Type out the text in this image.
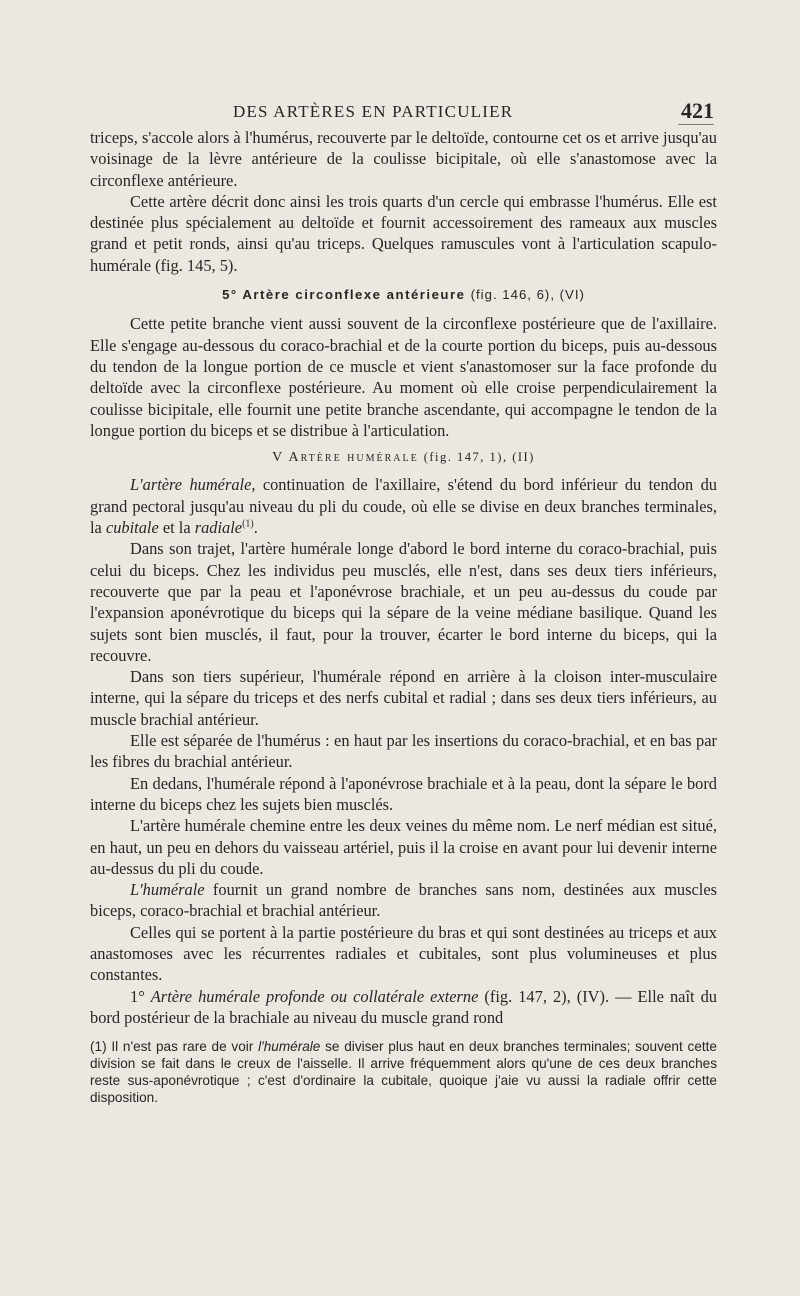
DES ARTÈRES EN PARTICULIER	421

triceps, s'accole alors à l'humérus, recouverte par le deltoïde, contourne cet os et arrive jusqu'au voisinage de la lèvre antérieure de la coulisse bicipitale, où elle s'anastomose avec la circonflexe antérieure.

Cette artère décrit donc ainsi les trois quarts d'un cercle qui embrasse l'humérus. Elle est destinée plus spécialement au deltoïde et fournit accessoirement des rameaux aux muscles grand et petit ronds, ainsi qu'au triceps. Quelques ramuscules vont à l'articulation scapulo-humérale (fig. 145, 5).

5° Artère circonflexe antérieure (fig. 146, 6), (VI)

Cette petite branche vient aussi souvent de la circonflexe postérieure que de l'axillaire. Elle s'engage au-dessous du coraco-brachial et de la courte portion du biceps, puis au-dessous du tendon de la longue portion de ce muscle et vient s'anastomoser sur la face profonde du deltoïde avec la circonflexe postérieure. Au moment où elle croise perpendiculairement la coulisse bicipitale, elle fournit une petite branche ascendante, qui accompagne le tendon de la longue portion du biceps et se distribue à l'articulation.

V Artère humérale (fig. 147, 1), (II)

L'artère humérale, continuation de l'axillaire, s'étend du bord inférieur du tendon du grand pectoral jusqu'au niveau du pli du coude, où elle se divise en deux branches terminales, la cubitale et la radiale$^{(1)}$.

Dans son trajet, l'artère humérale longe d'abord le bord interne du coraco-brachial, puis celui du biceps. Chez les individus peu musclés, elle n'est, dans ses deux tiers inférieurs, recouverte que par la peau et l'aponévrose brachiale, et un peu au-dessus du coude par l'expansion aponévrotique du biceps qui la sépare de la veine médiane basilique. Quand les sujets sont bien musclés, il faut, pour la trouver, écarter le bord interne du biceps, qui la recouvre.

Dans son tiers supérieur, l'humérale répond en arrière à la cloison inter-musculaire interne, qui la sépare du triceps et des nerfs cubital et radial ; dans ses deux tiers inférieurs, au muscle brachial antérieur.

Elle est séparée de l'humérus : en haut par les insertions du coraco-brachial, et en bas par les fibres du brachial antérieur.

En dedans, l'humérale répond à l'aponévrose brachiale et à la peau, dont la sépare le bord interne du biceps chez les sujets bien musclés.

L'artère humérale chemine entre les deux veines du même nom. Le nerf médian est situé, en haut, un peu en dehors du vaisseau artériel, puis il la croise en avant pour lui devenir interne au-dessus du pli du coude.

L'humérale fournit un grand nombre de branches sans nom, destinées aux muscles biceps, coraco-brachial et brachial antérieur.

Celles qui se portent à la partie postérieure du bras et qui sont destinées au triceps et aux anastomoses avec les récurrentes radiales et cubitales, sont plus volumineuses et plus constantes.

1° Artère humérale profonde ou collatérale externe (fig. 147, 2), (IV). — Elle naît du bord postérieur de la brachiale au niveau du muscle grand rond

(1) Il n'est pas rare de voir l'humérale se diviser plus haut en deux branches terminales; souvent cette division se fait dans le creux de l'aisselle. Il arrive fréquemment alors qu'une de ces deux branches reste sus-aponévrotique ; c'est d'ordinaire la cubitale, quoique j'aie vu aussi la radiale offrir cette disposition.
